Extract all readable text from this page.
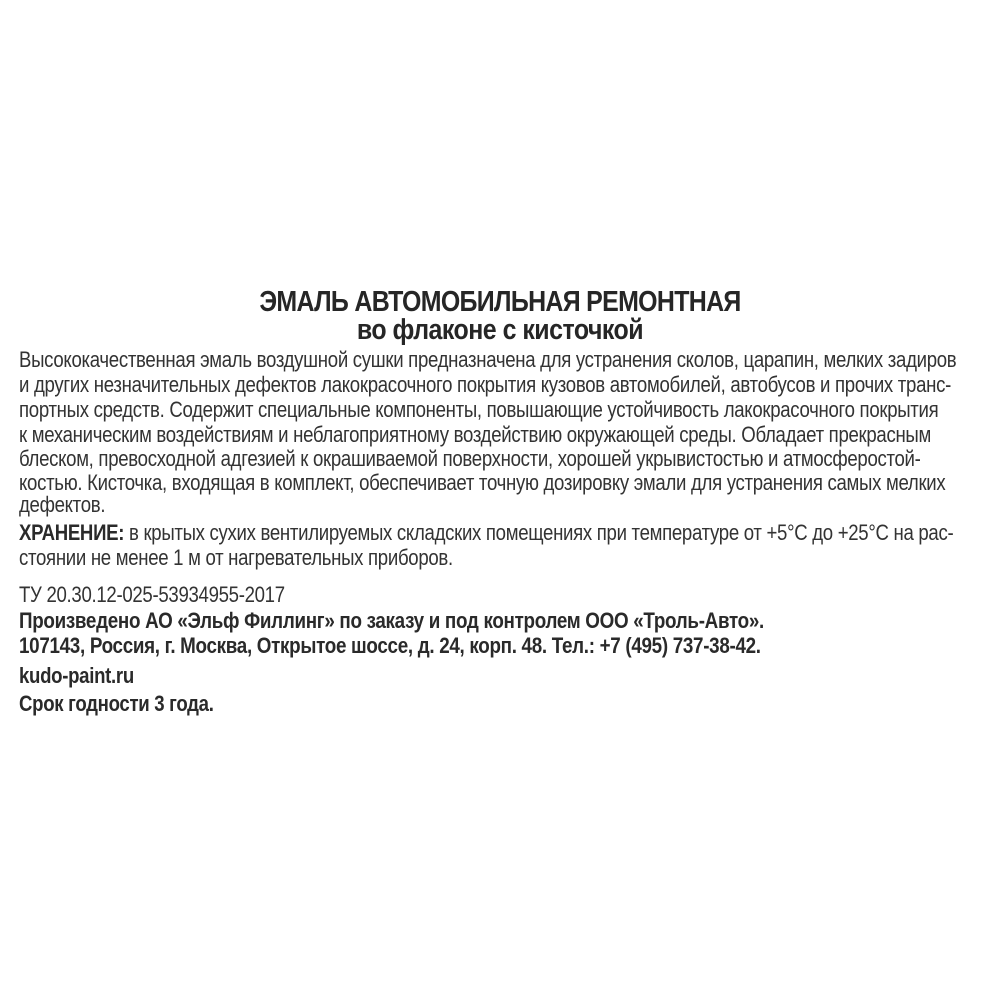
ЭМАЛЬ АВТОМОБИЛЬНАЯ РЕМОНТНАЯ
во флаконе с кисточкой
Высококачественная эмаль воздушной сушки предназначена для устранения сколов, царапин, мелких задиров
и других незначительных дефектов лакокрасочного покрытия кузовов автомобилей, автобусов и прочих транс-
портных средств. Содержит специальные компоненты, повышающие устойчивость лакокрасочного покрытия
к механическим воздействиям и неблагоприятному воздействию окружающей среды. Обладает прекрасным
блеском, превосходной адгезией к окрашиваемой поверхности, хорошей укрывистостью и атмосферостой-
костью. Кисточка, входящая в комплект, обеспечивает точную дозировку эмали для устранения самых мелких
дефектов.
ХРАНЕНИЕ: в крытых сухих вентилируемых складских помещениях при температуре от +5°С до +25°С на рас-
стоянии не менее 1 м от нагревательных приборов.
ТУ 20.30.12-025-53934955-2017
Произведено АО «Эльф Филлинг» по заказу и под контролем ООО «Троль-Авто».
107143, Россия, г. Москва, Открытое шоссе, д. 24, корп. 48. Тел.: +7 (495) 737-38-42.
kudo-paint.ru
Срок годности 3 года.
